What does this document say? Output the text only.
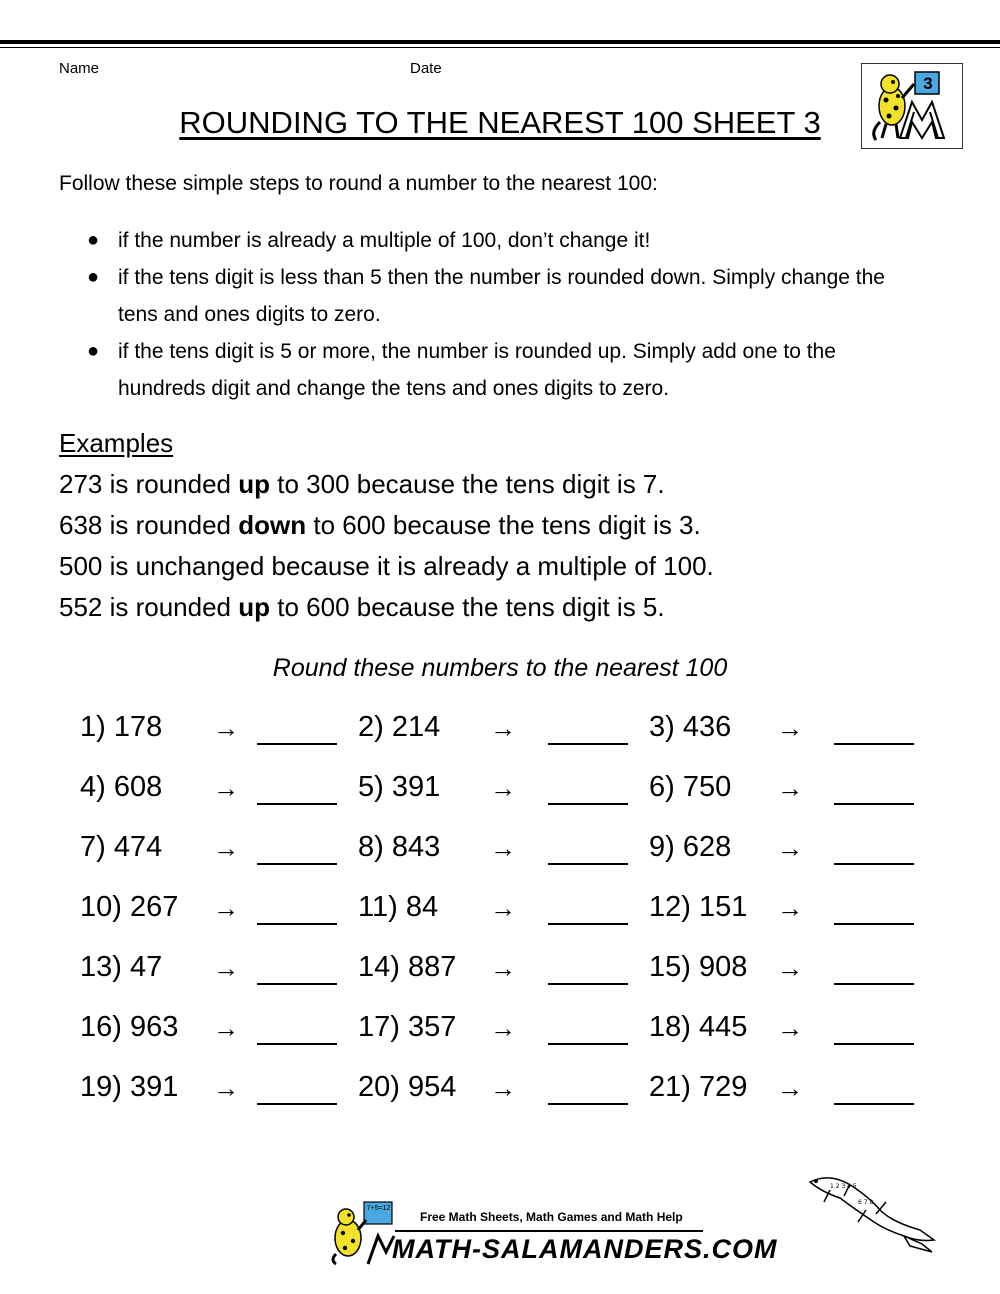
Name	Date
ROUNDING TO THE NEAREST 100 SHEET 3
3
Follow these simple steps to round a number to the nearest 100:
● if the number is already a multiple of 100, don’t change it!
● if the tens digit is less than 5 then the number is rounded down. Simply change the tens and ones digits to zero.
● if the tens digit is 5 or more, the number is rounded up. Simply add one to the hundreds digit and change the tens and ones digits to zero.
Examples
273 is rounded up to 300 because the tens digit is 7.
638 is rounded down to 600 because the tens digit is 3.
500 is unchanged because it is already a multiple of 100.
552 is rounded up to 600 because the tens digit is 5.
Round these numbers to the nearest 100
1) 178 →	2) 214 →	3) 436 →
4) 608 →	5) 391 →	6) 750 →
7) 474 →	8) 843 →	9) 628 →
10) 267 →	11) 84 →	12) 151 →
13) 47 →	14) 887 →	15) 908 →
16) 963 →	17) 357 →	18) 445 →
19) 391 →	20) 954 →	21) 729 →
7+5=12
Free Math Sheets, Math Games and Math Help
MATH-SALAMANDERS.COM
1 2 3 4 5
6 7 8
